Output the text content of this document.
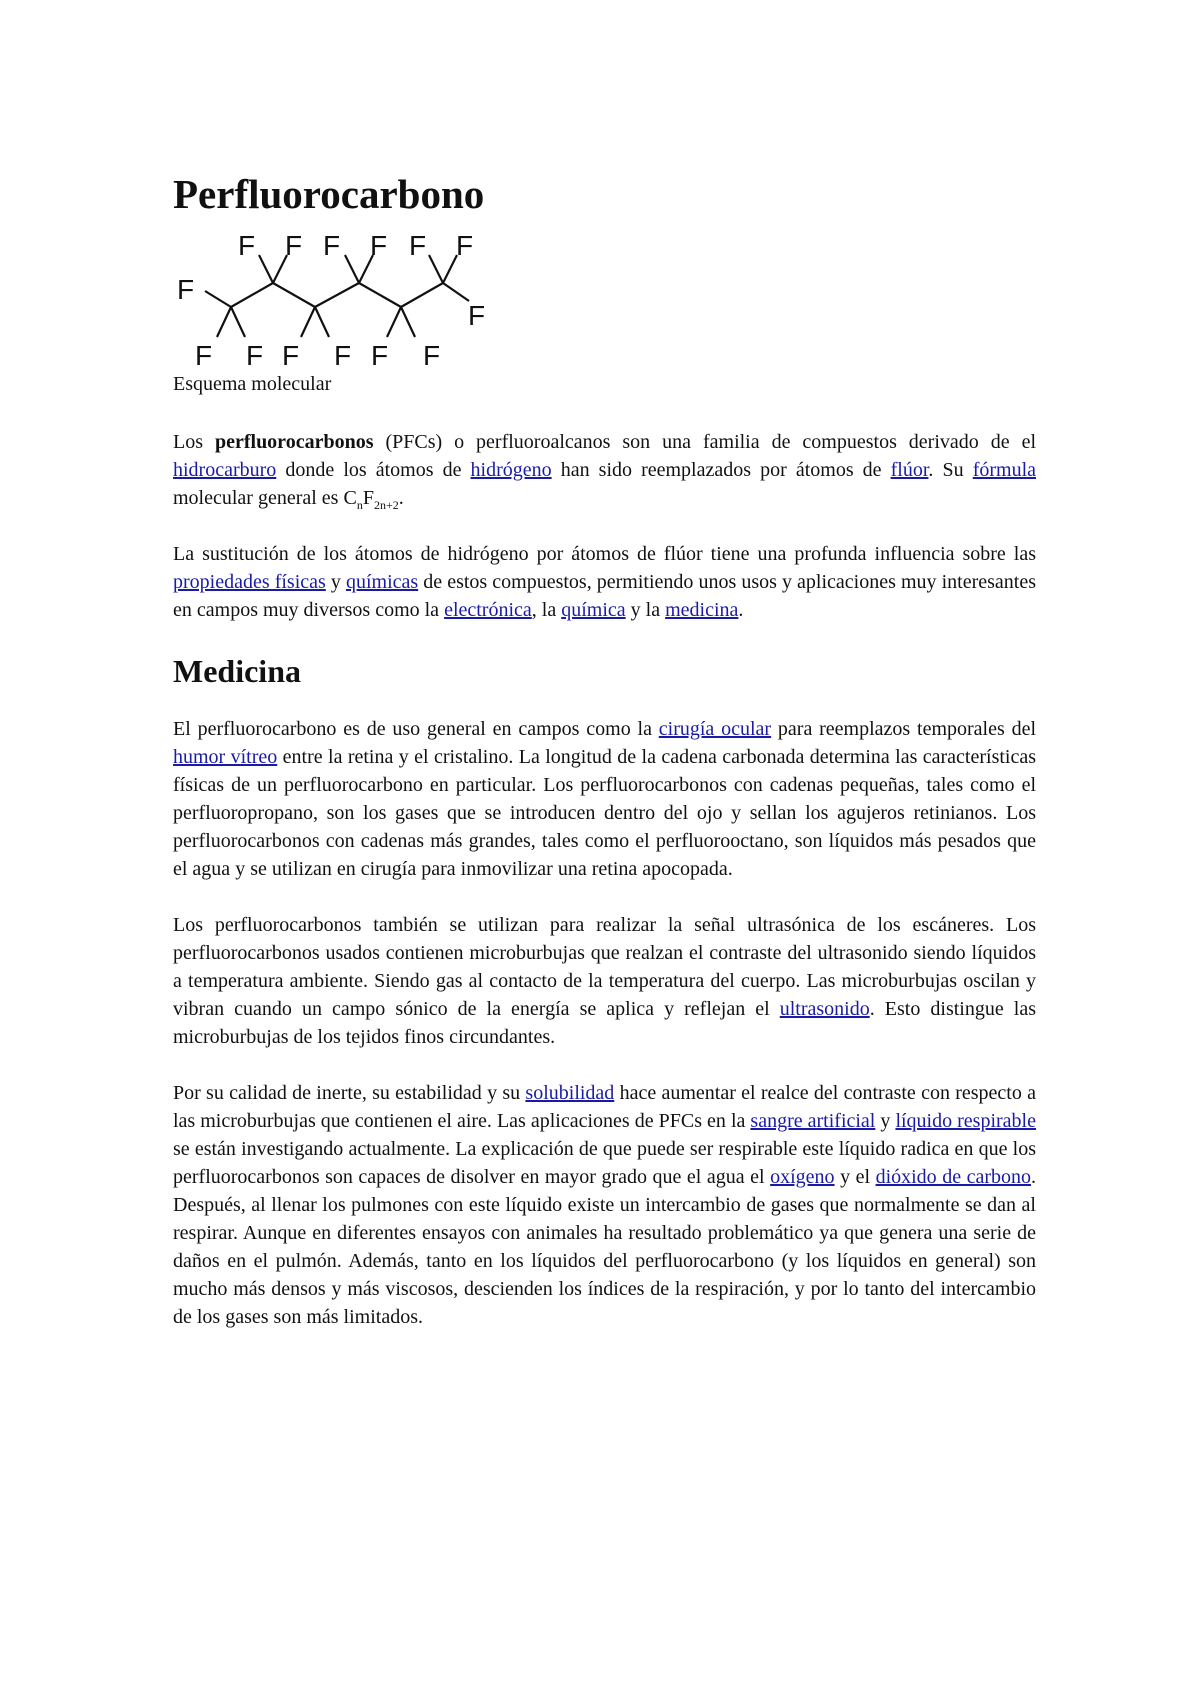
Perfluorocarbono
F
F F F F F F
F
F F F F F F
Esquema molecular

Los perfluorocarbonos (PFCs) o perfluoroalcanos son una familia de compuestos derivado de el hidrocarburo donde los átomos de hidrógeno han sido reemplazados por átomos de flúor. Su fórmula molecular general es $C_nF_{2n+2}$.

La sustitución de los átomos de hidrógeno por átomos de flúor tiene una profunda influencia sobre las propiedades físicas y químicas de estos compuestos, permitiendo unos usos y aplicaciones muy interesantes en campos muy diversos como la electrónica, la química y la medicina.

Medicina

El perfluorocarbono es de uso general en campos como la cirugía ocular para reemplazos temporales del humor vítreo entre la retina y el cristalino. La longitud de la cadena carbonada determina las características físicas de un perfluorocarbono en particular. Los perfluorocarbonos con cadenas pequeñas, tales como el perfluoropropano, son los gases que se introducen dentro del ojo y sellan los agujeros retinianos. Los perfluorocarbonos con cadenas más grandes, tales como el perfluorooctano, son líquidos más pesados que el agua y se utilizan en cirugía para inmovilizar una retina apocopada.

Los perfluorocarbonos también se utilizan para realizar la señal ultrasónica de los escáneres. Los perfluorocarbonos usados contienen microburbujas que realzan el contraste del ultrasonido siendo líquidos a temperatura ambiente. Siendo gas al contacto de la temperatura del cuerpo. Las microburbujas oscilan y vibran cuando un campo sónico de la energía se aplica y reflejan el ultrasonido. Esto distingue las microburbujas de los tejidos finos circundantes.

Por su calidad de inerte, su estabilidad y su solubilidad hace aumentar el realce del contraste con respecto a las microburbujas que contienen el aire. Las aplicaciones de PFCs en la sangre artificial y líquido respirable se están investigando actualmente. La explicación de que puede ser respirable este líquido radica en que los perfluorocarbonos son capaces de disolver en mayor grado que el agua el oxígeno y el dióxido de carbono. Después, al llenar los pulmones con este líquido existe un intercambio de gases que normalmente se dan al respirar. Aunque en diferentes ensayos con animales ha resultado problemático ya que genera una serie de daños en el pulmón. Además, tanto en los líquidos del perfluorocarbono (y los líquidos en general) son mucho más densos y más viscosos, descienden los índices de la respiración, y por lo tanto del intercambio de los gases son más limitados.
